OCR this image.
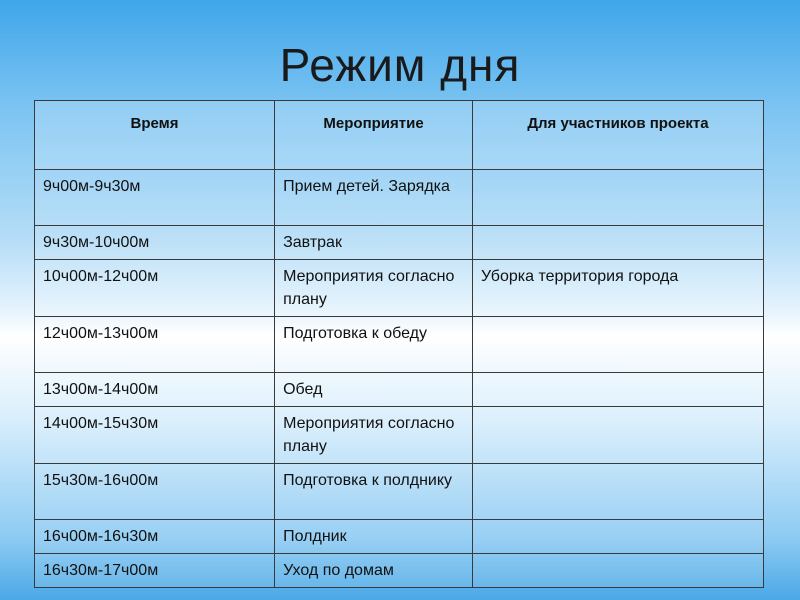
Режим дня
Время	Мероприятие	Для участников проекта
9ч00м-9ч30м	Прием детей. Зарядка	
9ч30м-10ч00м	Завтрак	
10ч00м-12ч00м	Мероприятия согласно плану	Уборка территория города
12ч00м-13ч00м	Подготовка к обеду	
13ч00м-14ч00м	Обед	
14ч00м-15ч30м	Мероприятия согласно плану	
15ч30м-16ч00м	Подготовка к полднику	
16ч00м-16ч30м	Полдник	
16ч30м-17ч00м	Уход по домам	
